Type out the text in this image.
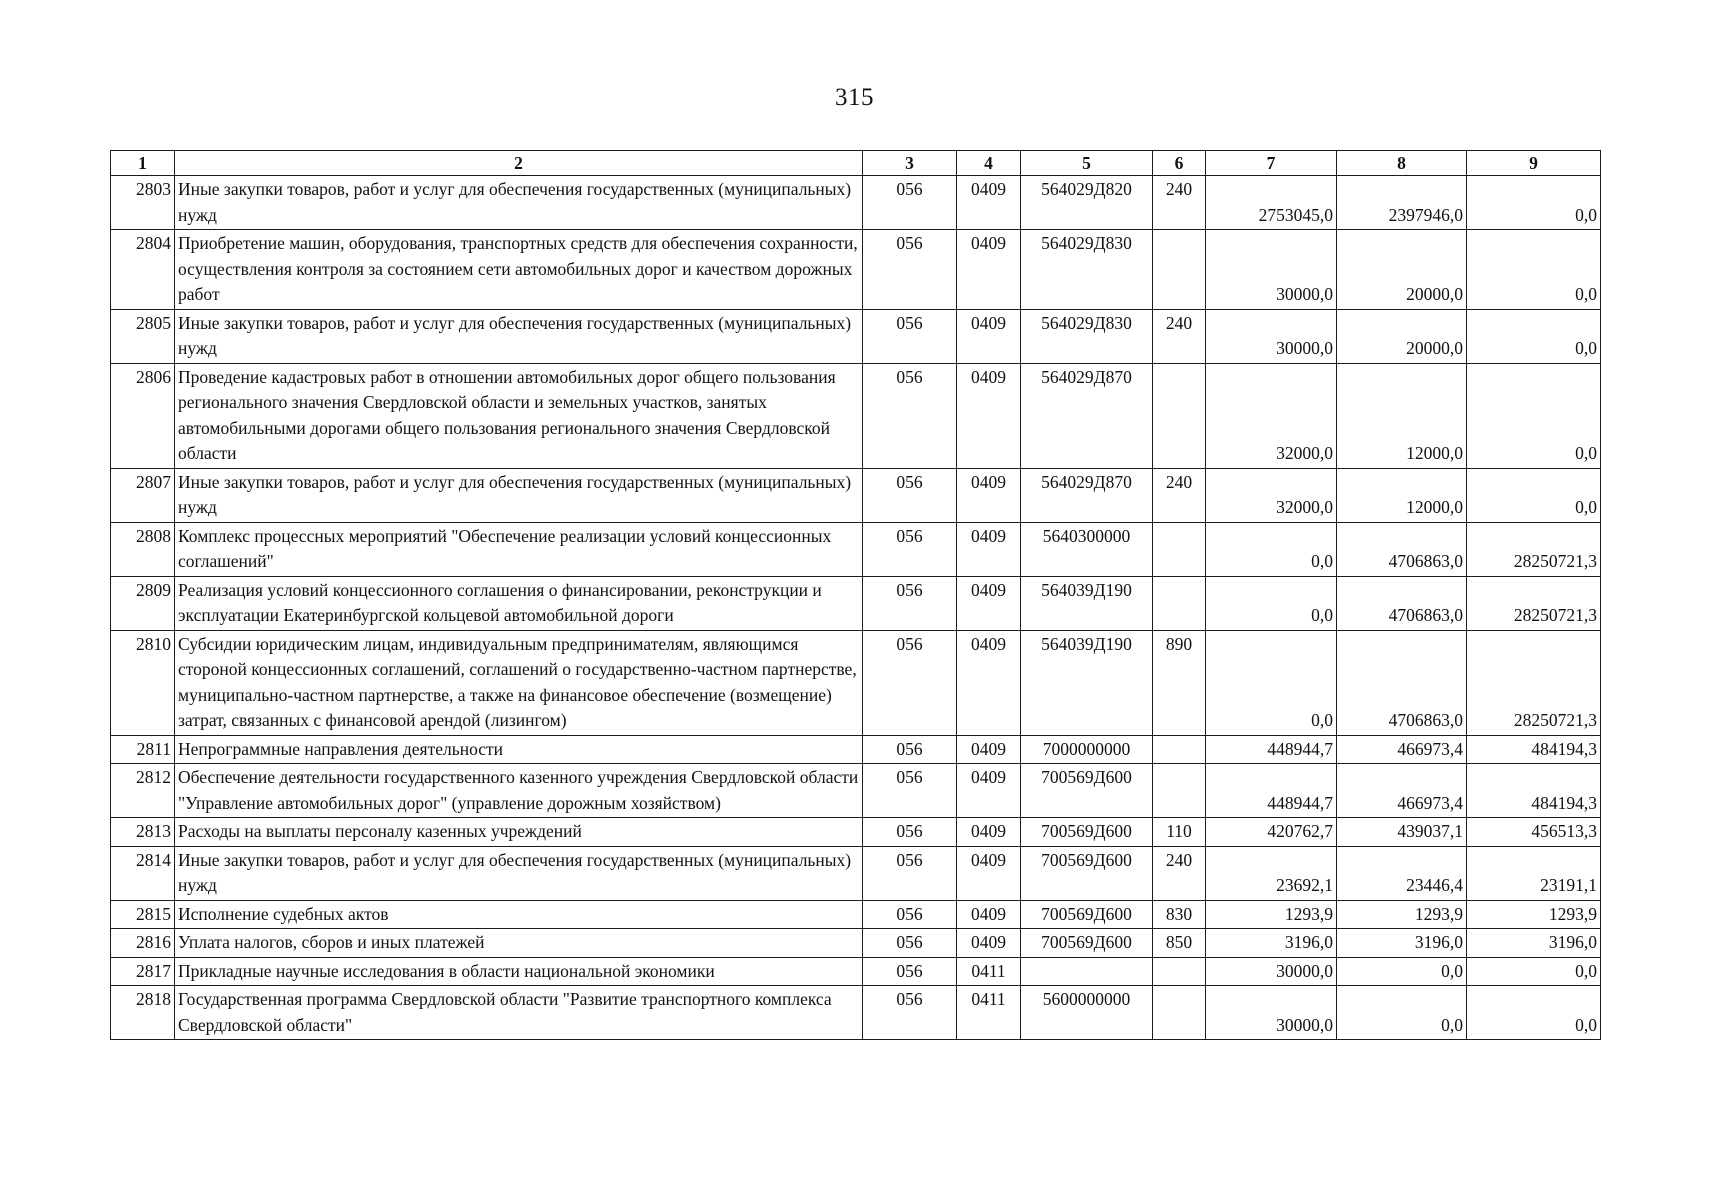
315
1	2	3	4	5	6	7	8	9
2803	Иные закупки товаров, работ и услуг для обеспечения государственных (муниципальных) нужд	056	0409	564029Д820	240	2753045,0	2397946,0	0,0
2804	Приобретение машин, оборудования, транспортных средств для обеспечения сохранности, осуществления контроля за состоянием сети автомобильных дорог и качеством дорожных работ	056	0409	564029Д830		30000,0	20000,0	0,0
2805	Иные закупки товаров, работ и услуг для обеспечения государственных (муниципальных) нужд	056	0409	564029Д830	240	30000,0	20000,0	0,0
2806	Проведение кадастровых работ в отношении автомобильных дорог общего пользования регионального значения Свердловской области и земельных участков, занятых автомобильными дорогами общего пользования регионального значения Свердловской области	056	0409	564029Д870		32000,0	12000,0	0,0
2807	Иные закупки товаров, работ и услуг для обеспечения государственных (муниципальных) нужд	056	0409	564029Д870	240	32000,0	12000,0	0,0
2808	Комплекс процессных мероприятий "Обеспечение реализации условий концессионных соглашений"	056	0409	5640300000		0,0	4706863,0	28250721,3
2809	Реализация условий концессионного соглашения о финансировании, реконструкции и эксплуатации Екатеринбургской кольцевой автомобильной дороги	056	0409	564039Д190		0,0	4706863,0	28250721,3
2810	Субсидии юридическим лицам, индивидуальным предпринимателям, являющимся стороной концессионных соглашений, соглашений о государственно-частном партнерстве, муниципально-частном партнерстве, а также на финансовое обеспечение (возмещение) затрат, связанных с финансовой арендой (лизингом)	056	0409	564039Д190	890	0,0	4706863,0	28250721,3
2811	Непрограммные направления деятельности	056	0409	7000000000		448944,7	466973,4	484194,3
2812	Обеспечение деятельности государственного казенного учреждения Свердловской области "Управление автомобильных дорог" (управление дорожным хозяйством)	056	0409	700569Д600		448944,7	466973,4	484194,3
2813	Расходы на выплаты персоналу казенных учреждений	056	0409	700569Д600	110	420762,7	439037,1	456513,3
2814	Иные закупки товаров, работ и услуг для обеспечения государственных (муниципальных) нужд	056	0409	700569Д600	240	23692,1	23446,4	23191,1
2815	Исполнение судебных актов	056	0409	700569Д600	830	1293,9	1293,9	1293,9
2816	Уплата налогов, сборов и иных платежей	056	0409	700569Д600	850	3196,0	3196,0	3196,0
2817	Прикладные научные исследования в области национальной экономики	056	0411			30000,0	0,0	0,0
2818	Государственная программа Свердловской области "Развитие транспортного комплекса Свердловской области"	056	0411	5600000000		30000,0	0,0	0,0
